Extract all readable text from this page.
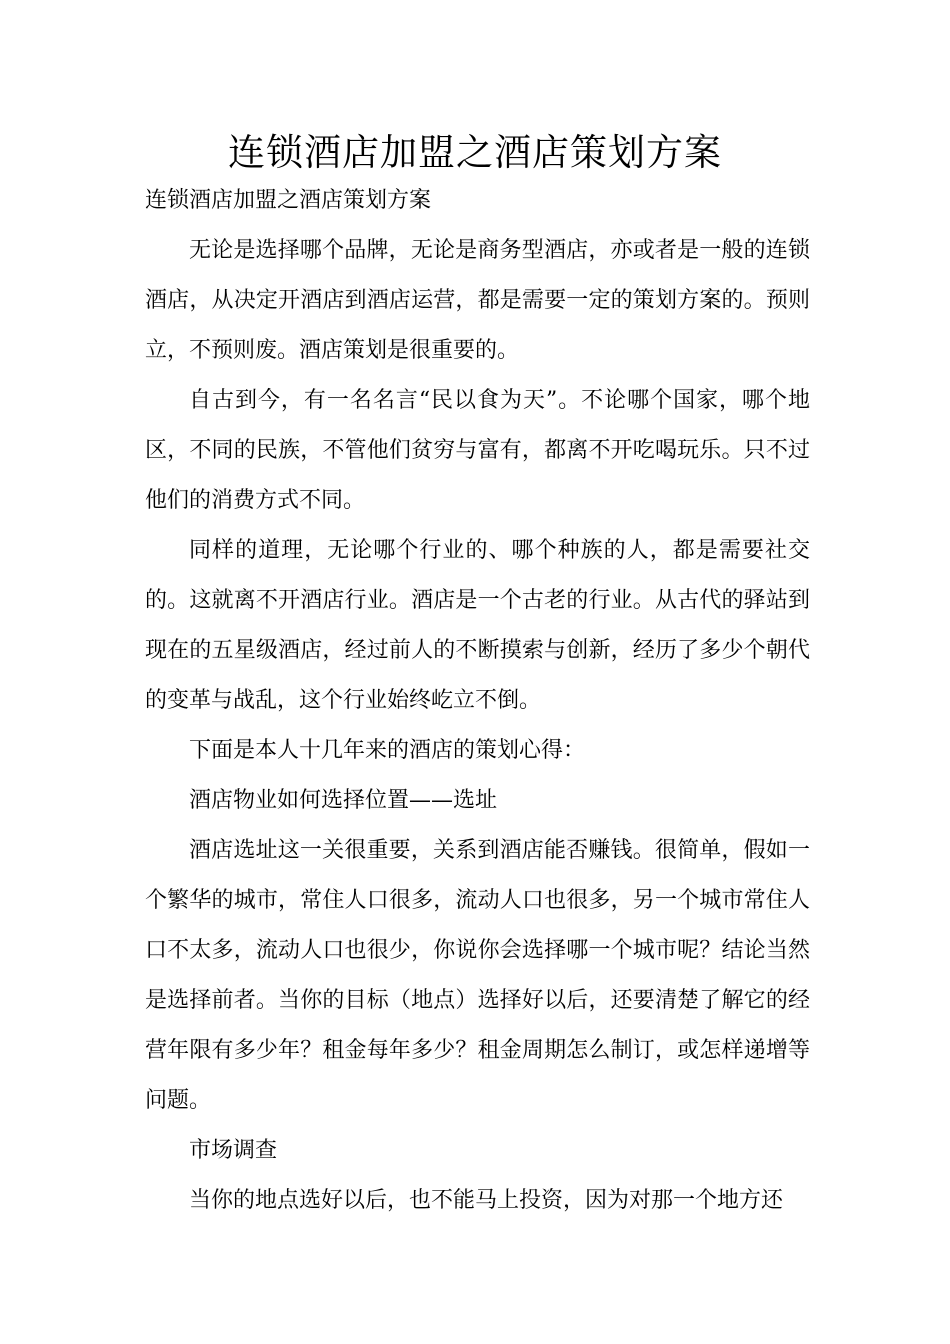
连锁酒店加盟之酒店策划方案

连锁酒店加盟之酒店策划方案

无论是选择哪个品牌，无论是商务型酒店，亦或者是一般的连锁酒店，从决定开酒店到酒店运营，都是需要一定的策划方案的。预则立，不预则废。酒店策划是很重要的。

自古到今，有一名名言“民以食为天”。不论哪个国家，哪个地区，不同的民族，不管他们贫穷与富有，都离不开吃喝玩乐。只不过他们的消费方式不同。

同样的道理，无论哪个行业的、哪个种族的人，都是需要社交的。这就离不开酒店行业。酒店是一个古老的行业。从古代的驿站到现在的五星级酒店，经过前人的不断摸索与创新，经历了多少个朝代的变革与战乱，这个行业始终屹立不倒。

下面是本人十几年来的酒店的策划心得：

酒店物业如何选择位置——选址

酒店选址这一关很重要，关系到酒店能否赚钱。很简单，假如一个繁华的城市，常住人口很多，流动人口也很多，另一个城市常住人口不太多，流动人口也很少，你说你会选择哪一个城市呢？结论当然是选择前者。当你的目标（地点）选择好以后，还要清楚了解它的经营年限有多少年？租金每年多少？租金周期怎么制订，或怎样递增等问题。

市场调查

当你的地点选好以后，也不能马上投资，因为对那一个地方还
